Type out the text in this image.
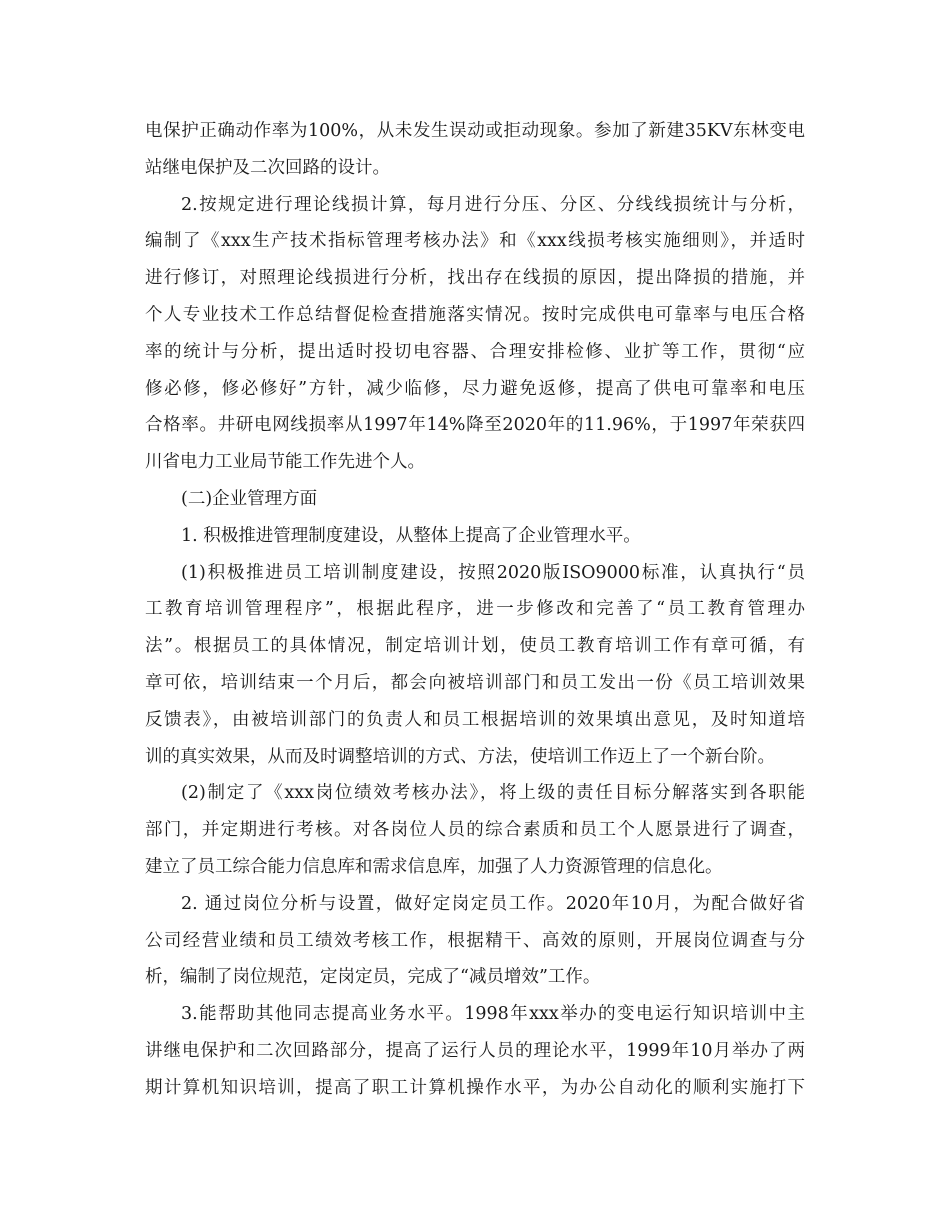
电保护正确动作率为100%，从未发生误动或拒动现象。参加了新建35KV东林变电
站继电保护及二次回路的设计。
2.按规定进行理论线损计算，每月进行分压、分区、分线线损统计与分析，
编制了《xxx生产技术指标管理考核办法》和《xxx线损考核实施细则》，并适时
进行修订，对照理论线损进行分析，找出存在线损的原因，提出降损的措施，并
个人专业技术工作总结督促检查措施落实情况。按时完成供电可靠率与电压合格
率的统计与分析，提出适时投切电容器、合理安排检修、业扩等工作，贯彻“应
修必修，修必修好”方针，减少临修，尽力避免返修，提高了供电可靠率和电压
合格率。井研电网线损率从1997年14%降至2020年的11.96%，于1997年荣获四
川省电力工业局节能工作先进个人。
(二)企业管理方面
1. 积极推进管理制度建设，从整体上提高了企业管理水平。
(1)积极推进员工培训制度建设，按照2020版ISO9000标准，认真执行“员
工教育培训管理程序”，根据此程序，进一步修改和完善了“员工教育管理办
法”。根据员工的具体情况，制定培训计划，使员工教育培训工作有章可循，有
章可依，培训结束一个月后，都会向被培训部门和员工发出一份《员工培训效果
反馈表》，由被培训部门的负责人和员工根据培训的效果填出意见，及时知道培
训的真实效果，从而及时调整培训的方式、方法，使培训工作迈上了一个新台阶。
(2)制定了《xxx岗位绩效考核办法》，将上级的责任目标分解落实到各职能
部门，并定期进行考核。对各岗位人员的综合素质和员工个人愿景进行了调查，
建立了员工综合能力信息库和需求信息库，加强了人力资源管理的信息化。
2. 通过岗位分析与设置，做好定岗定员工作。2020年10月，为配合做好省
公司经营业绩和员工绩效考核工作，根据精干、高效的原则，开展岗位调查与分
析，编制了岗位规范，定岗定员，完成了“减员增效”工作。
3.能帮助其他同志提高业务水平。1998年xxx举办的变电运行知识培训中主
讲继电保护和二次回路部分，提高了运行人员的理论水平，1999年10月举办了两
期计算机知识培训，提高了职工计算机操作水平，为办公自动化的顺利实施打下
